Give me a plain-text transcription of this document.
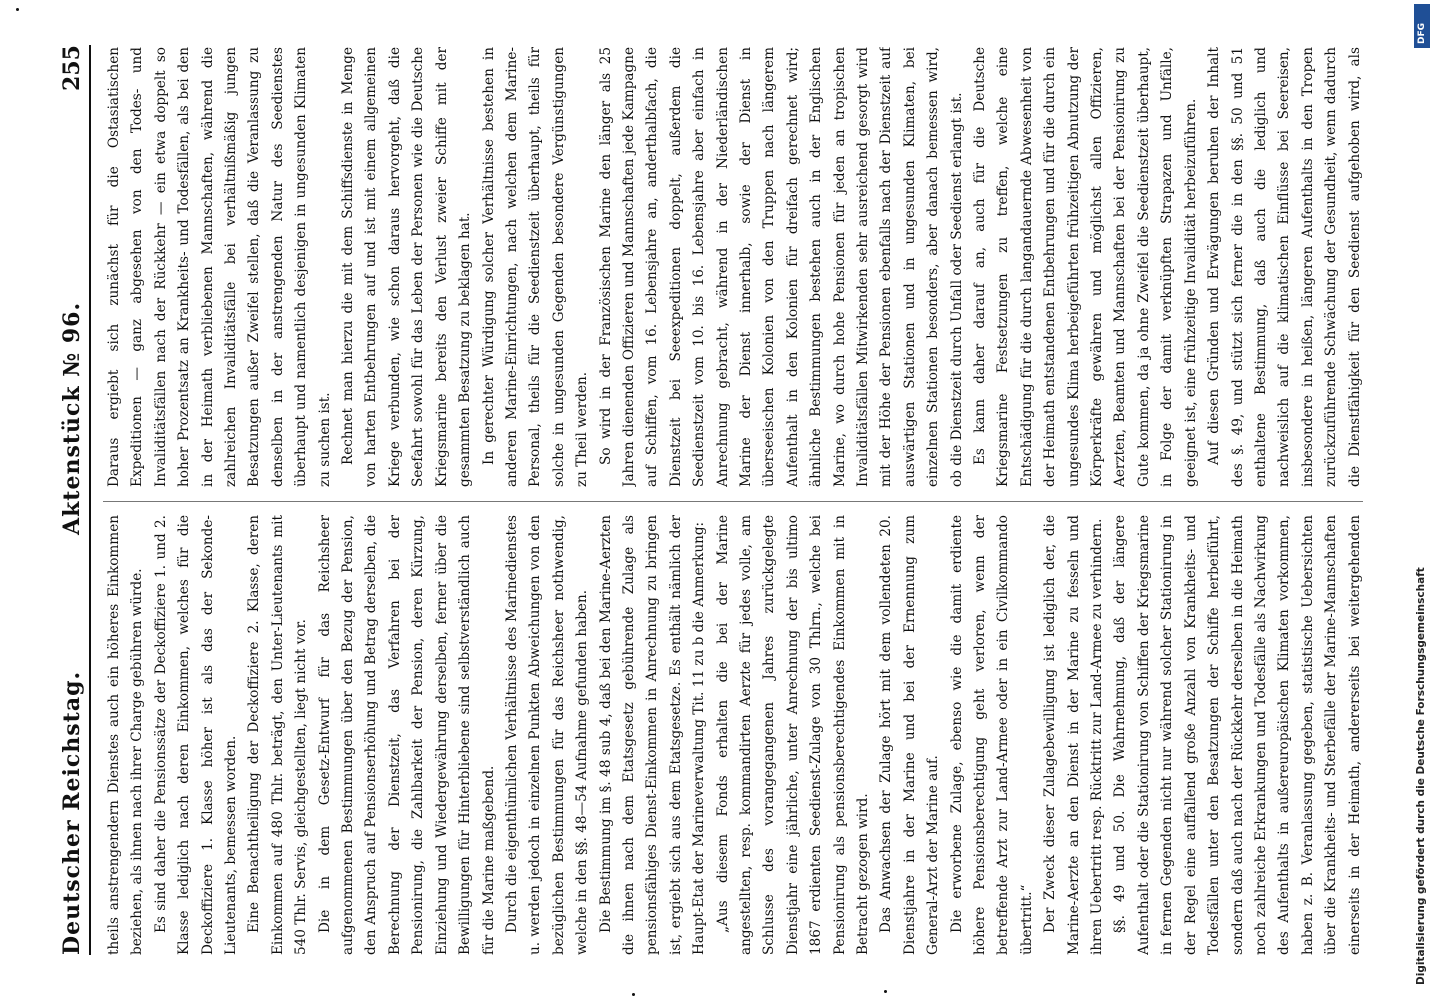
Deutscher Reichstag.
Aktenstück № 96.
255

theils anstrengendern Dienstes auch ein höheres Einkommen beziehen, als ihnen nach ihrer Charge gebühren würde. Es sind daher die Pensionssätze der Deckoffiziere 1. und 2. Klasse lediglich nach deren Einkommen, welches für die Deckoffiziere 1. Klasse höher ist als das der Sekonde-Lieutenants, bemessen worden. Eine Benachtheiligung der Deckoffiziere 2. Klasse, deren Einkommen auf 480 Thlr. beträgt, den Unter-Lieutenants mit 540 Thlr. Servis, gleichgestellten, liegt nicht vor. Die in dem Gesetz-Entwurf für das Reichsheer aufgenommenen Bestimmungen über den Bezug der Pension, den Anspruch auf Pensionserhöhung und Betrag derselben, die Berechnung der Dienstzeit, das Verfahren bei der Pensionirung, die Zahlbarkeit der Pension, deren Kürzung, Einziehung und Wiedergewährung derselben, ferner über die Bewilligungen für Hinterbliebene sind selbstverständlich auch für die Marine maßgebend. Durch die eigenthümlichen Verhältnisse des Marinedienstes u. werden jedoch in einzelnen Punkten Abweichungen von den bezüglichen Bestimmungen für das Reichsheer nothwendig, welche in den §§. 48—54 Aufnahme gefunden haben. Die Bestimmung im §. 48 sub 4, daß bei den Marine-Aerzten die ihnen nach dem Etatsgesetz gebührende Zulage als pensionsfähiges Dienst-Einkommen in Anrechnung zu bringen ist, ergiebt sich aus dem Etatsgesetze. Es enthält nämlich der Haupt-Etat der Marineverwaltung Tit. 11 zu b die Anmerkung: „Aus diesem Fonds erhalten die bei der Marine angestellten, resp. kommandirten Aerzte für jedes volle, am Schlusse des vorangegangenen Jahres zurückgelegte Dienstjahr eine jährliche, unter Anrechnung der bis ultimo 1867 erdienten Seedienst-Zulage von 30 Thlrn., welche bei Pensionirung als pensionsberechtigendes Einkommen mit in Betracht gezogen wird. Das Anwachsen der Zulage hört mit dem vollendeten 20. Dienstjahre in der Marine und bei der Ernennung zum General-Arzt der Marine auf. Die erworbene Zulage, ebenso wie die damit erdiente höhere Pensionsberechtigung geht verloren, wenn der betreffende Arzt zur Land-Armee oder in ein Civilkommando übertritt.“ Der Zweck dieser Zulagebewilligung ist lediglich der, die Marine-Aerzte an den Dienst in der Marine zu fesseln und ihren Uebertritt resp. Rücktritt zur Land-Armee zu verhindern. §§. 49 und 50. Die Wahrnehmung, daß der längere Aufenthalt oder die Stationirung von Schiffen der Kriegsmarine in fernen Gegenden nicht nur während solcher Stationirung in der Regel eine auffallend große Anzahl von Krankheits- und Todesfällen unter den Besatzungen der Schiffe herbeiführt, sondern daß auch nach der Rückkehr derselben in die Heimath noch zahlreiche Erkrankungen und Todesfälle als Nachwirkung des Aufenthalts in außereuropäischen Klimaten vorkommen, haben z. B. Veranlassung gegeben, statistische Uebersichten über die Krankheits- und Sterbefälle der Marine-Mannschaften einerseits in der Heimath, andererseits bei weitergehenden

Daraus ergiebt sich zunächst für die Ostasiatischen Expeditionen — ganz abgesehen von den Todes- und Invaliditätsfällen nach der Rückkehr — ein etwa doppelt so hoher Prozentsatz an Krankheits- und Todesfällen, als bei den in der Heimath verbliebenen Mannschaften, während die zahlreichen Invaliditätsfälle bei verhältnißmäßig jungen Besatzungen außer Zweifel stellen, daß die Veranlassung zu denselben in der anstrengenden Natur des Seedienstes überhaupt und namentlich desjenigen in ungesunden Klimaten zu suchen ist. Rechnet man hierzu die mit dem Schiffsdienste in Menge von harten Entbehrungen auf und ist mit einem allgemeinen Kriege verbunden, wie schon daraus hervorgeht, daß die Seefahrt sowohl für das Leben der Personen wie die Deutsche Kriegsmarine bereits den Verlust zweier Schiffe mit der gesammten Besatzung zu beklagen hat. In gerechter Würdigung solcher Verhältnisse bestehen in anderen Marine-Einrichtungen, nach welchen dem Marine-Personal, theils für die Seedienstzeit überhaupt, theils für solche in ungesunden Gegenden besondere Vergünstigungen zu Theil werden. So wird in der Französischen Marine den länger als 25 Jahren dienenden Offizieren und Mannschaften jede Kampagne auf Schiffen, vom 16. Lebensjahre an, anderthalbfach, die Dienstzeit bei Seeexpeditionen doppelt, außerdem die Seedienstzeit vom 10. bis 16. Lebensjahre aber einfach in Anrechnung gebracht, während in der Niederländischen Marine der Dienst innerhalb, sowie der Dienst in überseeischen Kolonien von den Truppen nach längerem Aufenthalt in den Kolonien für dreifach gerechnet wird; ähnliche Bestimmungen bestehen auch in der Englischen Marine, wo durch hohe Pensionen für jeden an tropischen Invaliditätsfällen Mitwirkenden sehr ausreichend gesorgt wird mit der Höhe der Pensionen ebenfalls nach der Dienstzeit auf auswärtigen Stationen und in ungesunden Klimaten, bei einzelnen Stationen besonders, aber danach bemessen wird, ob die Dienstzeit durch Unfall oder Seedienst erlangt ist. Es kann daher darauf an, auch für die Deutsche Kriegsmarine Festsetzungen zu treffen, welche eine Entschädigung für die durch langandauernde Abwesenheit von der Heimath entstandenen Entbehrungen und für die durch ein ungesundes Klima herbeigeführten frühzeitigen Abnutzung der Körperkräfte gewähren und möglichst allen Offizieren, Aerzten, Beamten und Mannschaften bei der Pensionirung zu Gute kommen, da ja ohne Zweifel die Seedienstzeit überhaupt, in Folge der damit verknüpften Strapazen und Unfälle, geeignet ist, eine frühzeitige Invalidität herbeizuführen. Auf diesen Gründen und Erwägungen beruhen der Inhalt des §. 49, und stützt sich ferner die in den §§. 50 und 51 enthaltene Bestimmung, daß auch die lediglich und nachweislich auf die klimatischen Einflüsse bei Seereisen, insbesondere in heißen, längeren Aufenthalts in den Tropen zurückzuführende Schwächung der Gesundheit, wenn dadurch die Dienstfähigkeit für den Seedienst aufgehoben wird, als

DFG
Digitalisierung gefördert durch die Deutsche Forschungsgemeinschaft
